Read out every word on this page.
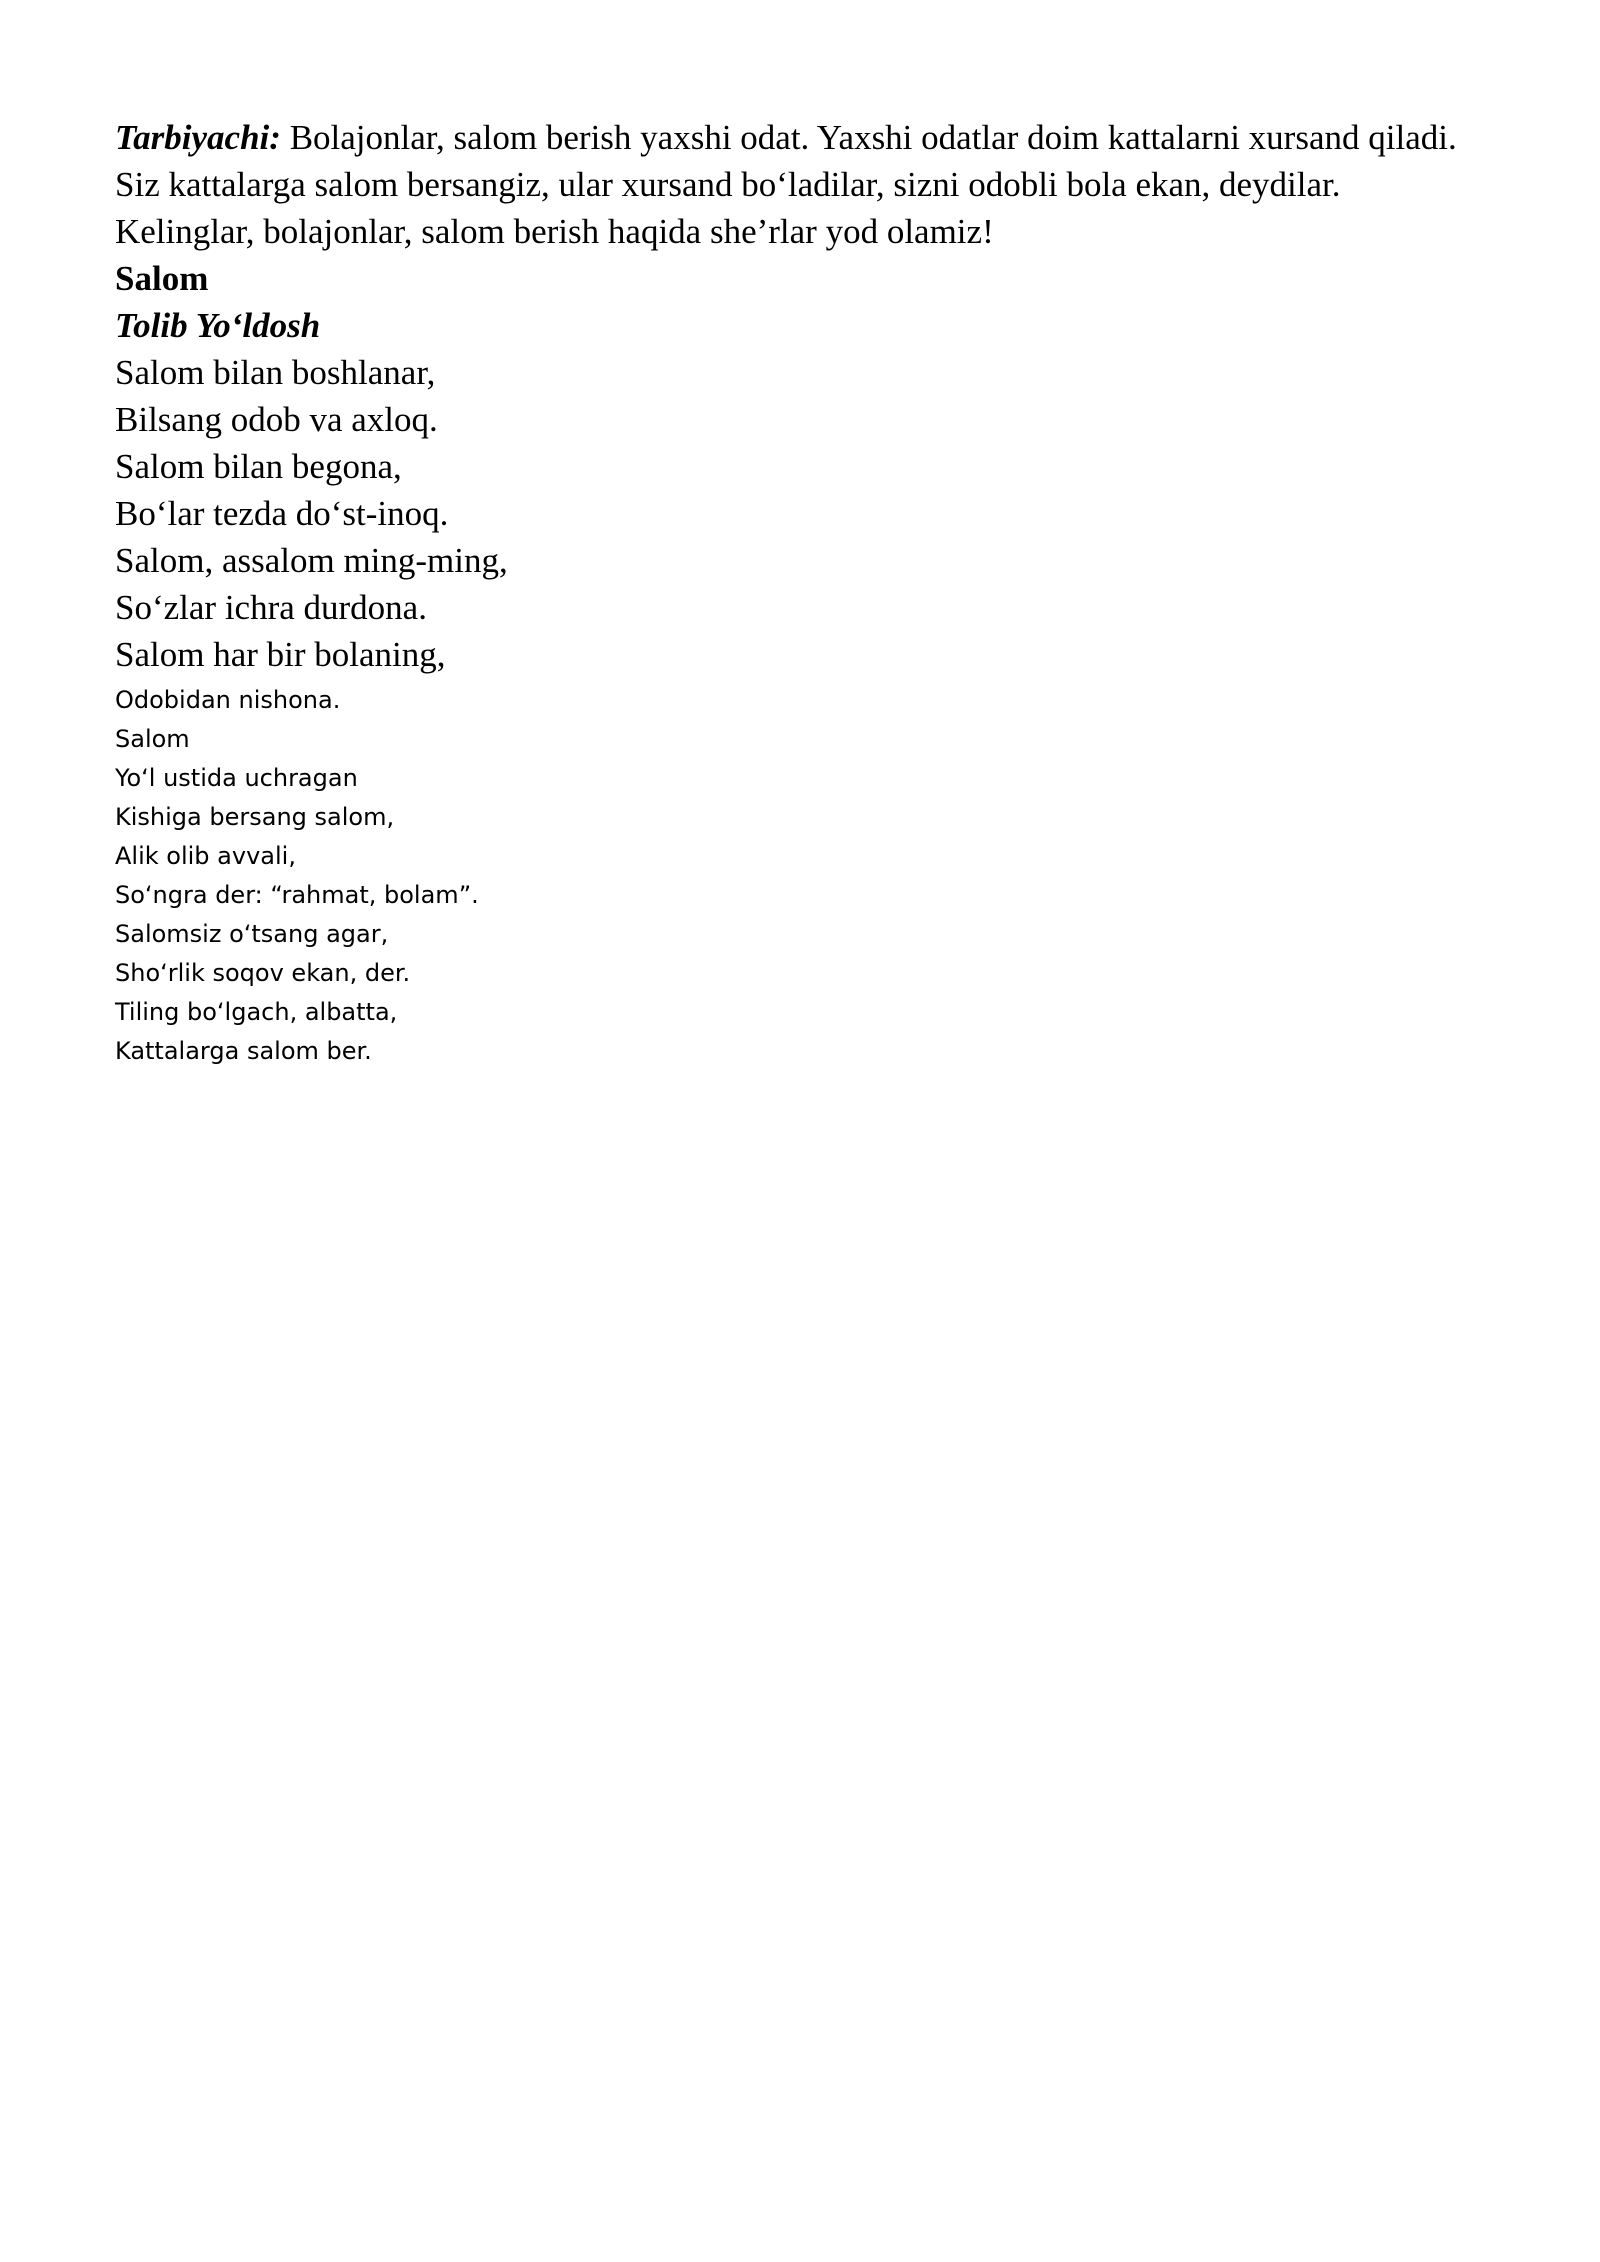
Tarbiyachi: Bolajonlar, salom berish yaxshi odat. Yaxshi odatlar doim kattalarni xursand qiladi. Siz kattalarga salom bersangiz, ular xursand bo‘ladilar, sizni odobli bola ekan, deydilar.

Kelinglar, bolajonlar, salom berish haqida she’rlar yod olamiz!

Salom

Tolib Yo‘ldosh

Salom bilan boshlanar,

Bilsang odob va axloq.

Salom bilan begona,

Bo‘lar tezda do‘st-inoq.

Salom, assalom ming-ming,

So‘zlar ichra durdona.

Salom har bir bolaning,

Odobidan nishona.

Salom

Yo‘l ustida uchragan

Kishiga bersang salom,

Alik olib avvali,

So‘ngra der: “rahmat, bolam”.

Salomsiz o‘tsang agar,

Sho‘rlik soqov ekan, der.

Tiling bo‘lgach, albatta,

Kattalarga salom ber.
